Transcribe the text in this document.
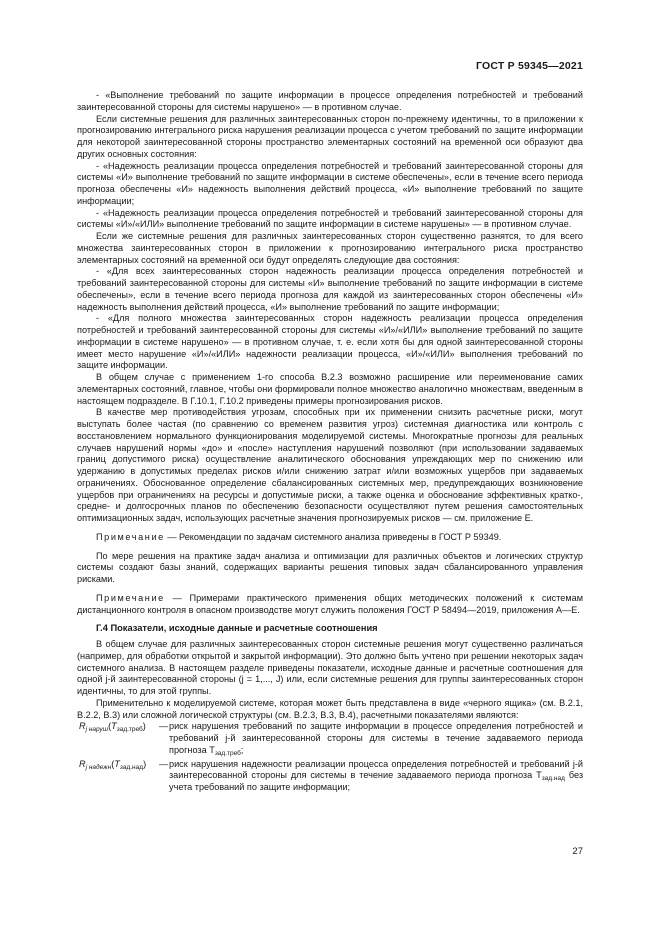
ГОСТ Р 59345—2021

- «Выполнение требований по защите информации в процессе определения потребностей и требований заинтересованной стороны для системы нарушено» — в противном случае.

Если системные решения для различных заинтересованных сторон по-прежнему идентичны, то в приложении к прогнозированию интегрального риска нарушения реализации процесса с учетом требований по защите информации для некоторой заинтересованной стороны пространство элементарных состояний на временной оси образуют два других основных состояния:

- «Надежность реализации процесса определения потребностей и требований заинтересованной стороны для системы «И» выполнение требований по защите информации в системе обеспечены», если в течение всего периода прогноза обеспечены «И» надежность выполнения действий процесса, «И» выполнение требований по защите информации;

- «Надежность реализации процесса определения потребностей и требований заинтересованной стороны для системы «И»/«ИЛИ» выполнение требований по защите информации в системе нарушены» — в противном случае.

Если же системные решения для различных заинтересованных сторон существенно разнятся, то для всего множества заинтересованных сторон в приложении к прогнозированию интегрального риска пространство элементарных состояний на временной оси будут определять следующие два состояния:

- «Для всех заинтересованных сторон надежность реализации процесса определения потребностей и требований заинтересованной стороны для системы «И» выполнение требований по защите информации в системе обеспечены», если в течение всего периода прогноза для каждой из заинтересованных сторон обеспечены «И» надежность выполнения действий процесса, «И» выполнение требований по защите информации;

- «Для полного множества заинтересованных сторон надежность реализации процесса определения потребностей и требований заинтересованной стороны для системы «И»/«ИЛИ» выполнение требований по защите информации в системе нарушено» — в противном случае, т. е. если хотя бы для одной заинтересованной стороны имеет место нарушение «И»/«ИЛИ» надежности реализации процесса, «И»/«ИЛИ» выполнения требований по защите информации.

В общем случае с применением 1-го способа В.2.3 возможно расширение или переименование самих элементарных состояний, главное, чтобы они формировали полное множество аналогично множествам, введенным в настоящем подразделе. В Г.10.1, Г.10.2 приведены примеры прогнозирования рисков.

В качестве мер противодействия угрозам, способных при их применении снизить расчетные риски, могут выступать более частая (по сравнению со временем развития угроз) системная диагностика или контроль с восстановлением нормального функционирования моделируемой системы. Многократные прогнозы для реальных случаев нарушений нормы «до» и «после» наступления нарушений позволяют (при использовании задаваемых границ допустимого риска) осуществление аналитического обоснования упреждающих мер по снижению или удержанию в допустимых пределах рисков и/или снижению затрат и/или возможных ущербов при задаваемых ограничениях. Обоснованное определение сбалансированных системных мер, предупреждающих возникновение ущербов при ограничениях на ресурсы и допустимые риски, а также оценка и обоснование эффективных кратко-, средне- и долгосрочных планов по обеспечению безопасности осуществляют путем решения самостоятельных оптимизационных задач, использующих расчетные значения прогнозируемых рисков — см. приложение Е.

Примечание — Рекомендации по задачам системного анализа приведены в ГОСТ Р 59349.

По мере решения на практике задач анализа и оптимизации для различных объектов и логических структур системы создают базы знаний, содержащих варианты решения типовых задач сбалансированного управления рисками.

Примечание — Примерами практического применения общих методических положений к системам дистанционного контроля в опасном производстве могут служить положения ГОСТ Р 58494—2019, приложения А—Е.

Г.4 Показатели, исходные данные и расчетные соотношения

В общем случае для различных заинтересованных сторон системные решения могут существенно различаться (например, для обработки открытой и закрытой информации). Это должно быть учтено при решении некоторых задач системного анализа. В настоящем разделе приведены показатели, исходные данные и расчетные соотношения для одной j-й заинтересованной стороны (j = 1,..., J) или, если системные решения для группы заинтересованных сторон идентичны, то для этой группы.

Применительно к моделируемой системе, которая может быть представлена в виде «черного ящика» (см. В.2.1, В.2.2, В.3) или сложной логической структуры (см. В.2.3, В.3, В.4), расчетными показателями являются:

$R_{j нaруш}(T_{зад.треб})$	— риск нарушения требований по защите информации в процессе определения потребностей и требований j-й заинтересованной стороны для системы в течение задаваемого периода прогноза $T_{зад.треб}$;
$R_{j надежн}(T_{зад.над})$	— риск нарушения надежности реализации процесса определения потребностей и требований j-й заинтересованной стороны для системы в течение задаваемого периода прогноза $T_{зад.над}$ без учета требований по защите информации;
27
